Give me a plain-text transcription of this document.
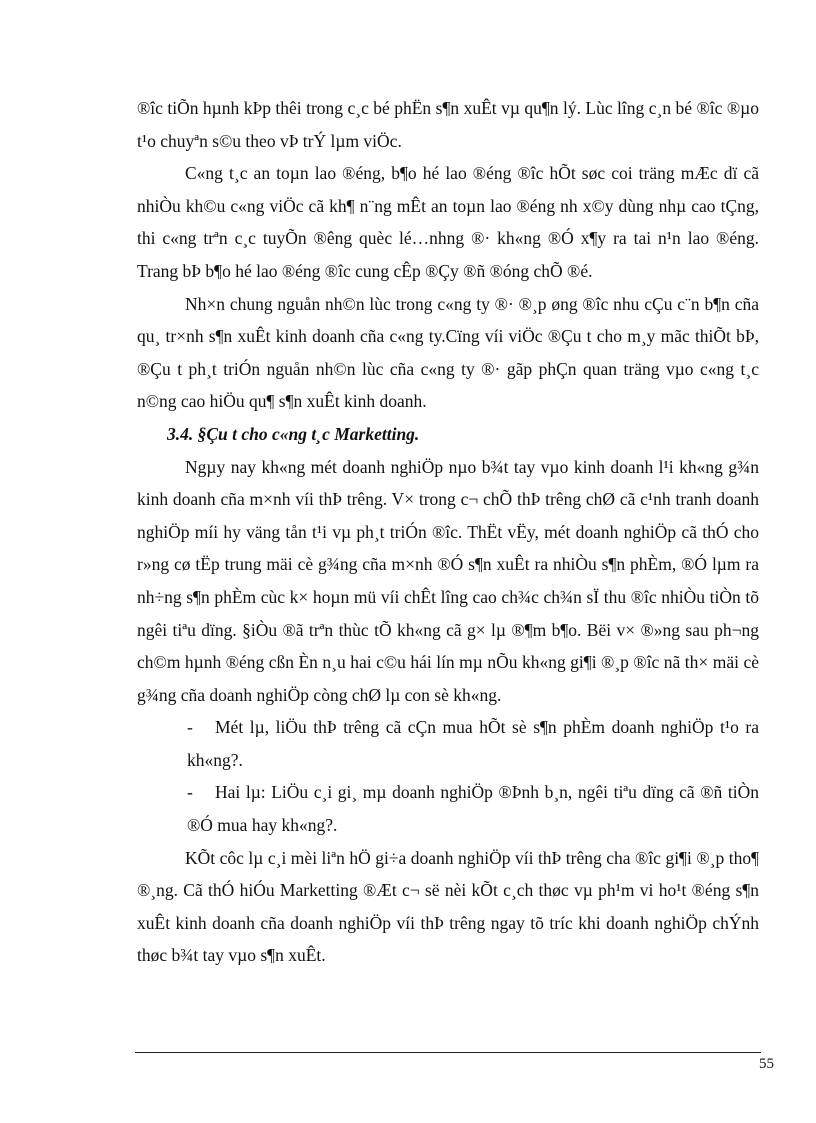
®îc tiÕn hµnh kÞp thêi trong c¸c bé phËn s¶n xuÊt vµ qu¶n lý. Lùc lîng c¸n bé ®îc ®µo t¹o chuyªn s©u theo vÞ trÝ lµm viÖc.

C«ng t¸c an toµn lao ®éng, b¶o hé lao ®éng ®îc hÕt søc coi träng mÆc dï cã nhiÒu kh©u c«ng viÖc cã kh¶ n¨ng mÊt an toµn lao ®éng nh x©y dùng nhµ cao tÇng, thi c«ng trªn c¸c tuyÕn ®êng quèc lé…nhng ®· kh«ng ®Ó x¶y ra tai n¹n lao ®éng. Trang bÞ b¶o hé lao ®éng ®îc cung cÊp ®Çy ®ñ ®óng chÕ ®é.

Nh×n chung nguån nh©n lùc trong c«ng ty ®· ®¸p øng ®îc nhu cÇu c¨n b¶n cña qu¸ tr×nh s¶n xuÊt kinh doanh cña c«ng ty.Cïng víi viÖc ®Çu t cho m¸y mãc thiÕt bÞ, ®Çu t ph¸t triÓn nguån nh©n lùc cña c«ng ty ®· gãp phÇn quan träng vµo c«ng t¸c n©ng cao hiÖu qu¶ s¶n xuÊt kinh doanh.

3.4. §Çu t cho c«ng t¸c Marketting.

Ngµy nay kh«ng mét doanh nghiÖp nµo b¾t tay vµo kinh doanh l¹i kh«ng g¾n kinh doanh cña m×nh víi thÞ trêng. V× trong c¬ chÕ thÞ trêng chØ cã c¹nh tranh doanh nghiÖp míi hy väng tån t¹i vµ ph¸t triÓn ®îc. ThËt vËy, mét doanh nghiÖp cã thÓ cho r»ng cø tËp trung mäi cè g¾ng cña m×nh ®Ó s¶n xuÊt ra nhiÒu s¶n phÈm, ®Ó lµm ra nh÷ng s¶n phÈm cùc k× hoµn mü víi chÊt lîng cao ch¾c ch¾n sÏ thu ®îc nhiÒu tiÒn tõ ngêi tiªu dïng. §iÒu ®ã trªn thùc tÕ kh«ng cã g× lµ ®¶m b¶o. Bëi v× ®»ng sau ph¬ng ch©m hµnh ®éng cßn Èn n¸u hai c©u hái lín mµ nÕu kh«ng gi¶i ®¸p ®îc nã th× mäi cè g¾ng cña doanh nghiÖp còng chØ lµ con sè kh«ng.

- Mét lµ, liÖu thÞ trêng cã cÇn mua hÕt sè s¶n phÈm doanh nghiÖp t¹o ra kh«ng?.

- Hai lµ: LiÖu c¸i gi¸ mµ doanh nghiÖp ®Þnh b¸n, ngêi tiªu dïng cã ®ñ tiÒn ®Ó mua hay kh«ng?.

KÕt côc lµ c¸i mèi liªn hÖ gi÷a doanh nghiÖp víi thÞ trêng cha ®îc gi¶i ®¸p tho¶ ®¸ng. Cã thÓ hiÓu Marketting ®Æt c¬ së nèi kÕt c¸ch thøc vµ ph¹m vi ho¹t ®éng s¶n xuÊt kinh doanh cña doanh nghiÖp víi thÞ trêng ngay tõ tríc khi doanh nghiÖp chÝnh thøc b¾t tay vµo s¶n xuÊt.

55
